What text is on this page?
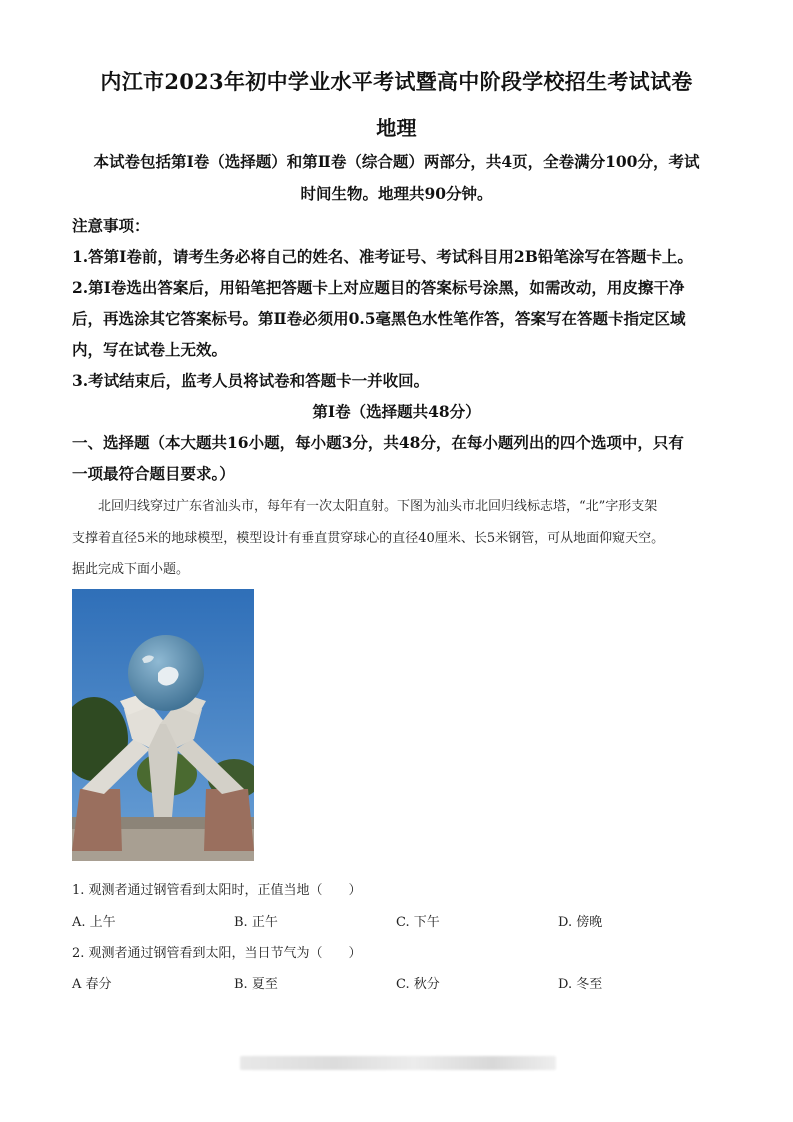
内江市2023年初中学业水平考试暨高中阶段学校招生考试试卷
地理
本试卷包括第Ⅰ卷（选择题）和第Ⅱ卷（综合题）两部分，共4页，全卷满分100分，考试
时间生物。地理共90分钟。
注意事项：
1.答第Ⅰ卷前，请考生务必将自己的姓名、准考证号、考试科目用2B铅笔涂写在答题卡上。
2.第Ⅰ卷选出答案后，用铅笔把答题卡上对应题目的答案标号涂黑，如需改动，用皮擦干净
后，再选涂其它答案标号。第Ⅱ卷必须用0.5毫黑色水性笔作答，答案写在答题卡指定区域
内，写在试卷上无效。
3.考试结束后，监考人员将试卷和答题卡一并收回。
第Ⅰ卷（选择题共48分）
一、选择题（本大题共16小题，每小题3分，共48分，在每小题列出的四个选项中，只有
一项最符合题目要求。）
北回归线穿过广东省汕头市，每年有一次太阳直射。下图为汕头市北回归线标志塔，“北”字形支架
支撑着直径5米的地球模型，模型设计有垂直贯穿球心的直径40厘米、长5米钢管，可从地面仰窥天空。
据此完成下面小题。
1. 观测者通过钢管看到太阳时，正值当地（　　）
A. 上午	B. 正午	C. 下午	D. 傍晚
2. 观测者通过钢管看到太阳，当日节气为（　　）
A 春分	B. 夏至	C. 秋分	D. 冬至
